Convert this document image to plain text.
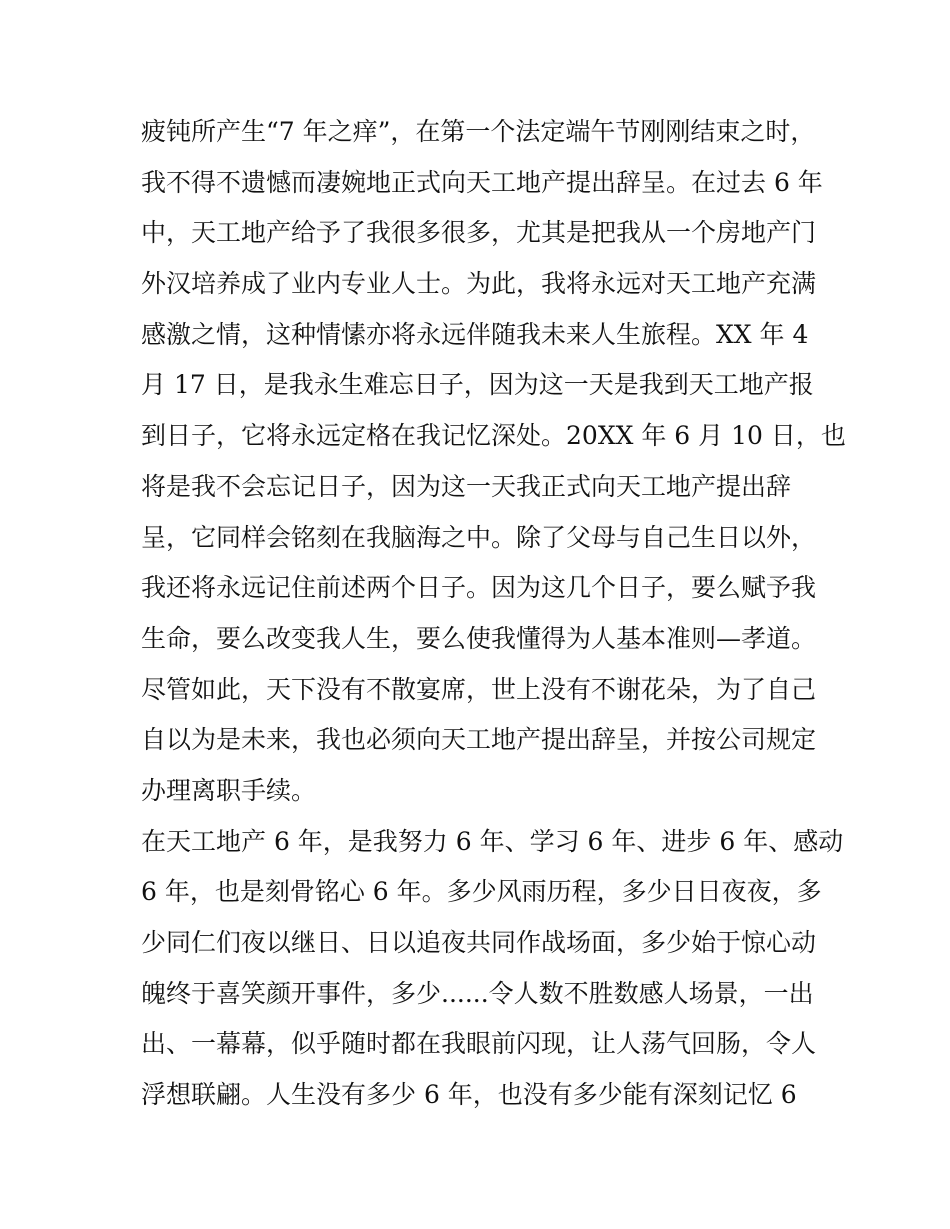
疲钝所产生“7 年之痒”，在第一个法定端午节刚刚结束之时，
我不得不遗憾而凄婉地正式向天工地产提出辞呈。在过去 6 年
中，天工地产给予了我很多很多，尤其是把我从一个房地产门
外汉培养成了业内专业人士。为此，我将永远对天工地产充满
感激之情，这种情愫亦将永远伴随我未来人生旅程。XX 年 4
月 17 日，是我永生难忘日子，因为这一天是我到天工地产报
到日子，它将永远定格在我记忆深处。20XX 年 6 月 10 日，也
将是我不会忘记日子，因为这一天我正式向天工地产提出辞
呈，它同样会铭刻在我脑海之中。除了父母与自己生日以外，
我还将永远记住前述两个日子。因为这几个日子，要么赋予我
生命，要么改变我人生，要么使我懂得为人基本准则—孝道。
尽管如此，天下没有不散宴席，世上没有不谢花朵，为了自己
自以为是未来，我也必须向天工地产提出辞呈，并按公司规定
办理离职手续。
在天工地产 6 年，是我努力 6 年、学习 6 年、进步 6 年、感动
6 年，也是刻骨铭心 6 年。多少风雨历程，多少日日夜夜，多
少同仁们夜以继日、日以追夜共同作战场面，多少始于惊心动
魄终于喜笑颜开事件，多少......令人数不胜数感人场景，一出
出、一幕幕，似乎随时都在我眼前闪现，让人荡气回肠，令人
浮想联翩。人生没有多少 6 年，也没有多少能有深刻记忆 6
